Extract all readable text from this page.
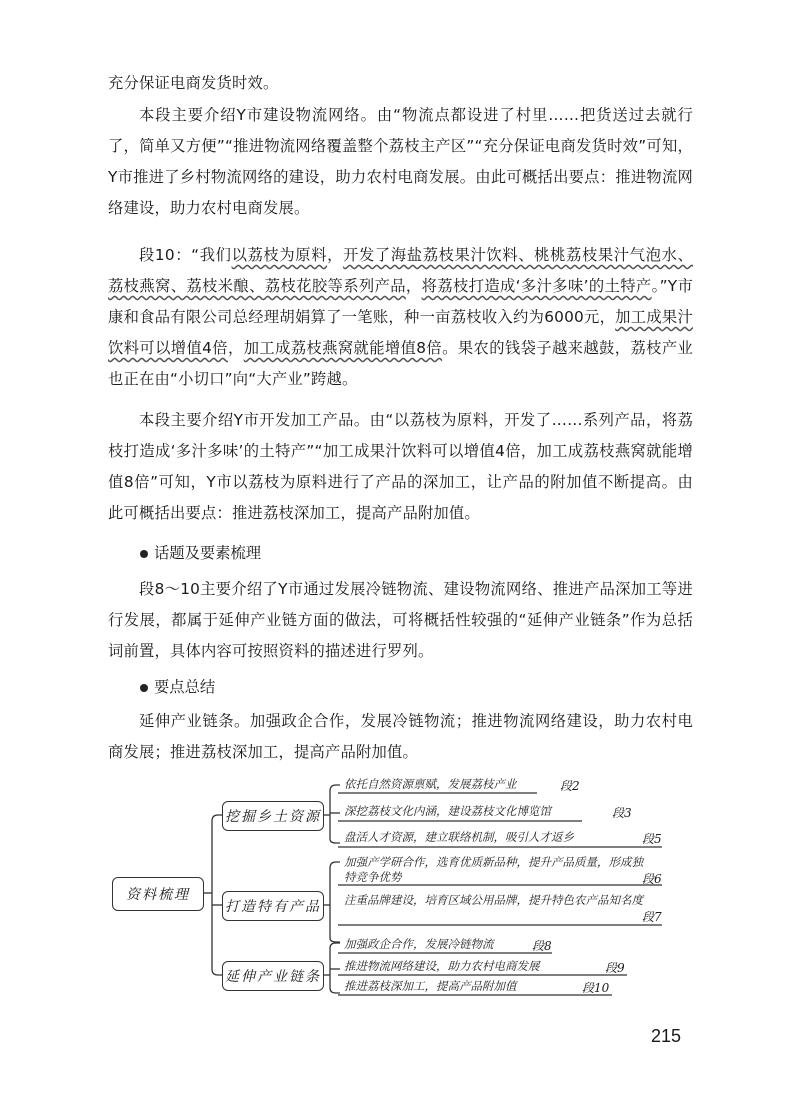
充分保证电商发货时效。

本段主要介绍Y市建设物流网络。由“物流点都设进了村里……把货送过去就行了，简单又方便”“推进物流网络覆盖整个荔枝主产区”“充分保证电商发货时效”可知，Y市推进了乡村物流网络的建设，助力农村电商发展。由此可概括出要点：推进物流网络建设，助力农村电商发展。

段10：“我们以荔枝为原料，开发了海盐荔枝果汁饮料、桃桃荔枝果汁气泡水、荔枝燕窝、荔枝米酿、荔枝花胶等系列产品，将荔枝打造成‘多汁多味’的土特产。”Y市康和食品有限公司总经理胡娟算了一笔账，种一亩荔枝收入约为6000元，加工成果汁饮料可以增值4倍，加工成荔枝燕窝就能增值8倍。果农的钱袋子越来越鼓，荔枝产业也正在由“小切口”向“大产业”跨越。

本段主要介绍Y市开发加工产品。由“以荔枝为原料，开发了……系列产品，将荔枝打造成‘多汁多味’的土特产”“加工成果汁饮料可以增值4倍，加工成荔枝燕窝就能增值8倍”可知，Y市以荔枝为原料进行了产品的深加工，让产品的附加值不断提高。由此可概括出要点：推进荔枝深加工，提高产品附加值。

话题及要素梳理

段8～10主要介绍了Y市通过发展冷链物流、建设物流网络、推进产品深加工等进行发展，都属于延伸产业链方面的做法，可将概括性较强的“延伸产业链条”作为总括词前置，具体内容可按照资料的描述进行罗列。

要点总结

延伸产业链条。加强政企合作，发展冷链物流；推进物流网络建设，助力农村电商发展；推进荔枝深加工，提高产品附加值。

资料梳理
挖掘乡土资源
打造特有产品
延伸产业链条
依托自然资源禀赋，发展荔枝产业	段2
深挖荔枝文化内涵，建设荔枝文化博览馆	段3
盘活人才资源，建立联络机制，吸引人才返乡	段5
加强产学研合作，选育优质新品种，提升产品质量，形成独特竞争优势	段6
注重品牌建设，培育区域公用品牌，提升特色农产品知名度
段7
加强政企合作，发展冷链物流	段8
推进物流网络建设，助力农村电商发展	段9
推进荔枝深加工，提高产品附加值	段10
215
